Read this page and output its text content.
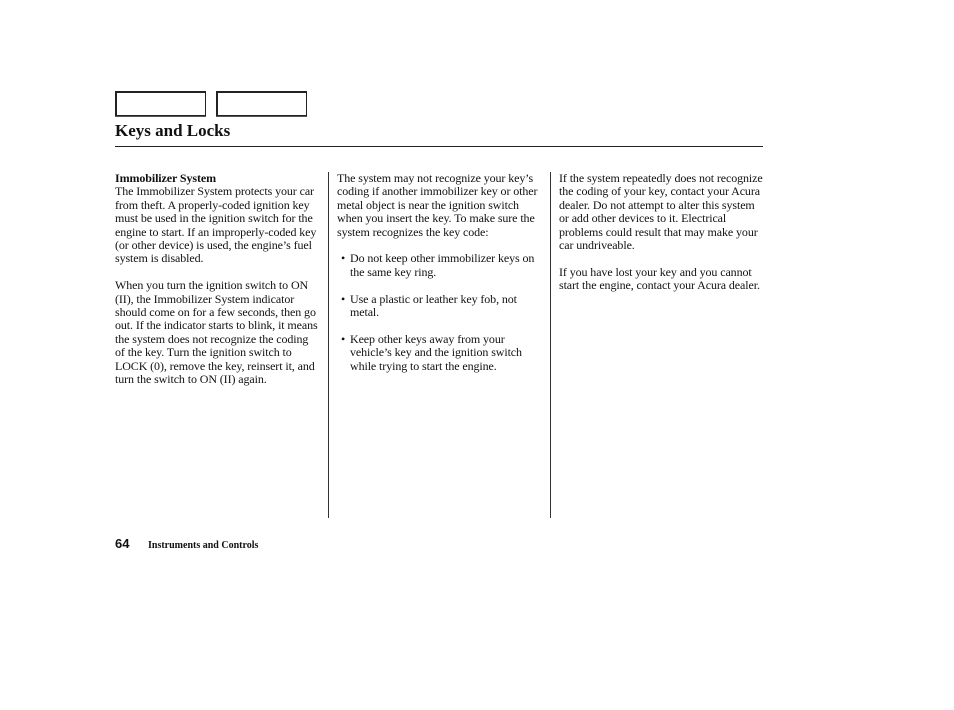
Keys and Locks

Immobilizer System
The Immobilizer System protects your car from theft. A properly-coded ignition key must be used in the ignition switch for the engine to start. If an improperly-coded key (or other device) is used, the engine’s fuel system is disabled.

When you turn the ignition switch to ON (II), the Immobilizer System indicator should come on for a few seconds, then go out. If the indicator starts to blink, it means the system does not recognize the coding of the key. Turn the ignition switch to LOCK (0), remove the key, reinsert it, and turn the switch to ON (II) again.

The system may not recognize your key’s coding if another immobilizer key or other metal object is near the ignition switch when you insert the key. To make sure the system recognizes the key code:

• Do not keep other immobilizer keys on the same key ring.
• Use a plastic or leather key fob, not metal.
• Keep other keys away from your vehicle’s key and the ignition switch while trying to start the engine.

If the system repeatedly does not recognize the coding of your key, contact your Acura dealer. Do not attempt to alter this system or add other devices to it. Electrical problems could result that may make your car undriveable.

If you have lost your key and you cannot start the engine, contact your Acura dealer.

64 Instruments and Controls
